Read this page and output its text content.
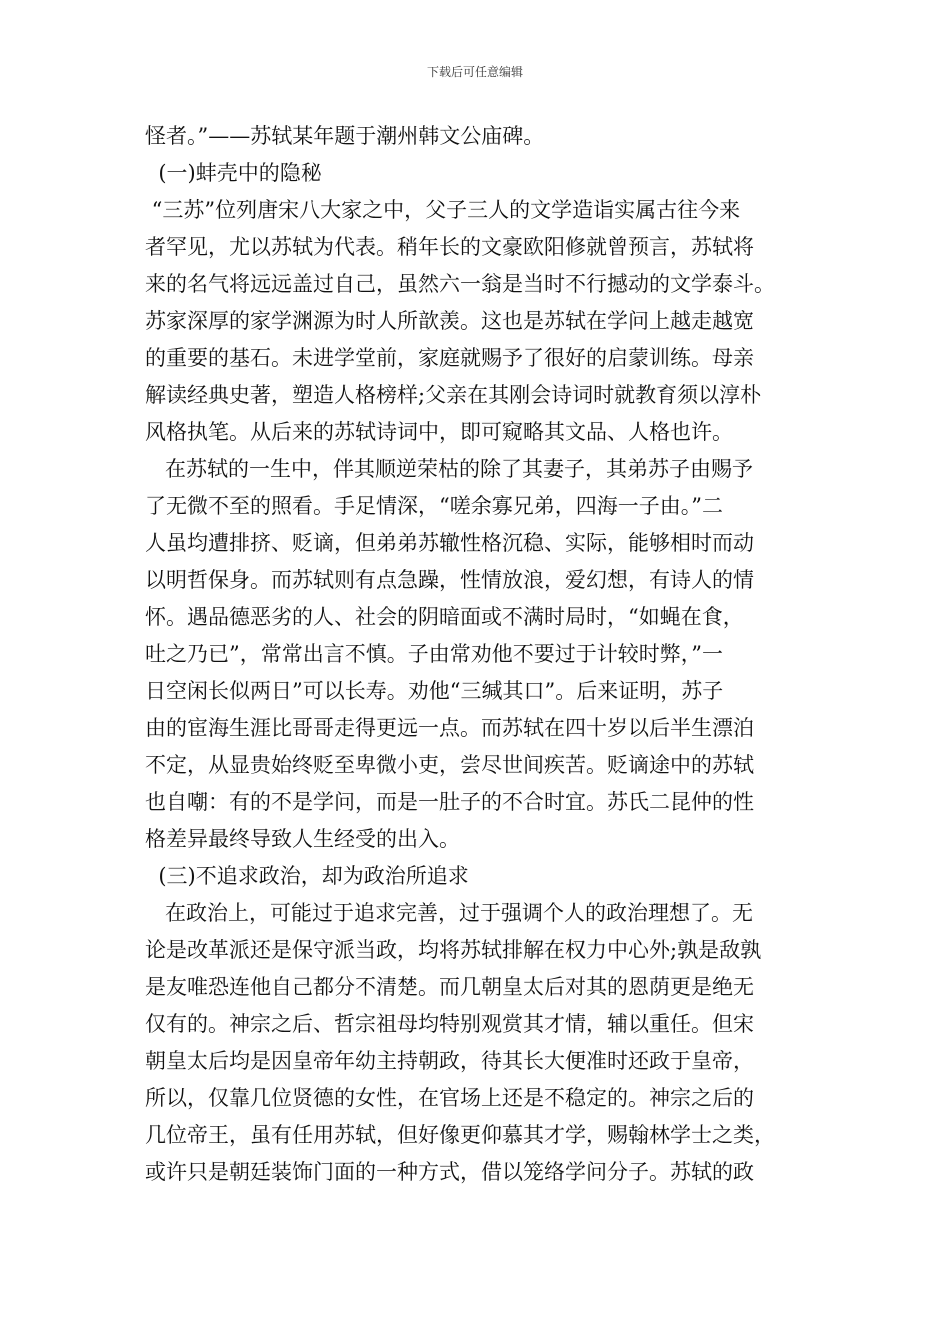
下载后可任意编辑
怪者。”——苏轼某年题于潮州韩文公庙碑。
(一)蚌壳中的隐秘
“三苏”位列唐宋八大家之中，父子三人的文学造诣实属古往今来
者罕见，尤以苏轼为代表。稍年长的文豪欧阳修就曾预言，苏轼将
来的名气将远远盖过自己，虽然六一翁是当时不行撼动的文学泰斗。
苏家深厚的家学渊源为时人所歆羡。这也是苏轼在学问上越走越宽
的重要的基石。未进学堂前，家庭就赐予了很好的启蒙训练。母亲
解读经典史著，塑造人格榜样;父亲在其刚会诗词时就教育须以淳朴
风格执笔。从后来的苏轼诗词中，即可窥略其文品、人格也许。
在苏轼的一生中，伴其顺逆荣枯的除了其妻子，其弟苏子由赐予
了无微不至的照看。手足情深，“嗟余寡兄弟，四海一子由。”二
人虽均遭排挤、贬谪，但弟弟苏辙性格沉稳、实际，能够相时而动
以明哲保身。而苏轼则有点急躁，性情放浪，爱幻想，有诗人的情
怀。遇品德恶劣的人、社会的阴暗面或不满时局时，“如蝇在食，
吐之乃已”，常常出言不慎。子由常劝他不要过于计较时弊，”一
日空闲长似两日”可以长寿。劝他“三缄其口”。后来证明，苏子
由的宦海生涯比哥哥走得更远一点。而苏轼在四十岁以后半生漂泊
不定，从显贵始终贬至卑微小吏，尝尽世间疾苦。贬谪途中的苏轼
也自嘲：有的不是学问，而是一肚子的不合时宜。苏氏二昆仲的性
格差异最终导致人生经受的出入。
(三)不追求政治，却为政治所追求
在政治上，可能过于追求完善，过于强调个人的政治理想了。无
论是改革派还是保守派当政，均将苏轼排解在权力中心外;孰是敌孰
是友唯恐连他自己都分不清楚。而几朝皇太后对其的恩荫更是绝无
仅有的。神宗之后、哲宗祖母均特别观赏其才情，辅以重任。但宋
朝皇太后均是因皇帝年幼主持朝政，待其长大便准时还政于皇帝，
所以，仅靠几位贤德的女性，在官场上还是不稳定的。神宗之后的
几位帝王，虽有任用苏轼，但好像更仰慕其才学，赐翰林学士之类，
或许只是朝廷装饰门面的一种方式，借以笼络学问分子。苏轼的政
